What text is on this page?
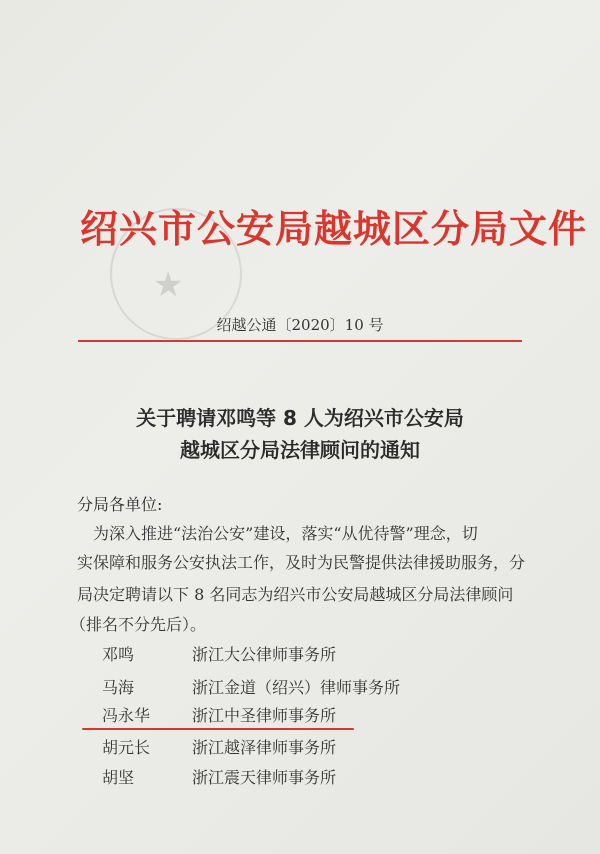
★
绍兴市公安局越城区分局文件
绍越公通〔2020〕10 号
关于聘请邓鸣等 8 人为绍兴市公安局
越城区分局法律顾问的通知
分局各单位:
为深入推进“法治公安”建设，落实“从优待警”理念，切
实保障和服务公安执法工作，及时为民警提供法律援助服务，分
局决定聘请以下 8 名同志为绍兴市公安局越城区分局法律顾问
（排名不分先后）。
邓鸣	浙江大公律师事务所
马海	浙江金道（绍兴）律师事务所
冯永华	浙江中圣律师事务所
胡元长	浙江越泽律师事务所
胡坚	浙江震天律师事务所
